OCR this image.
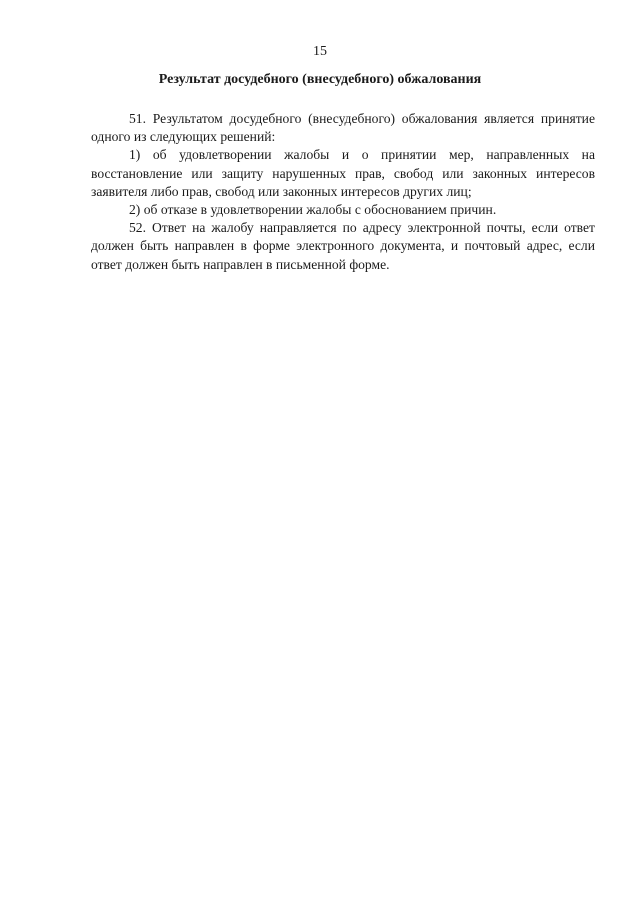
15
Результат досудебного (внесудебного) обжалования

51. Результатом досудебного (внесудебного) обжалования является принятие одного из следующих решений:

1) об удовлетворении жалобы и о принятии мер, направленных на восстановление или защиту нарушенных прав, свобод или законных интересов заявителя либо прав, свобод или законных интересов других лиц;

2) об отказе в удовлетворении жалобы с обоснованием причин.

52. Ответ на жалобу направляется по адресу электронной почты, если ответ должен быть направлен в форме электронного документа, и почтовый адрес, если ответ должен быть направлен в письменной форме.
